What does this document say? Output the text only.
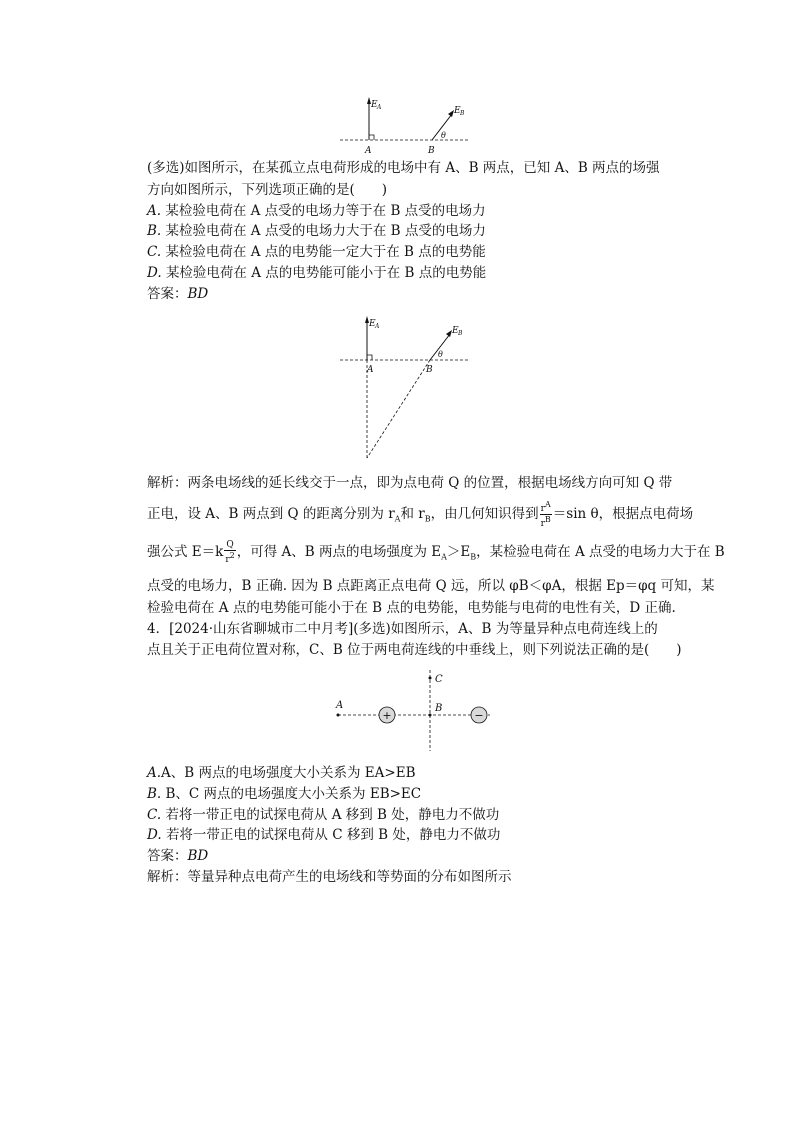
E A	E B
θ
A	B

(多选)如图所示，在某孤立点电荷形成的电场中有 A、B 两点，已知 A、B 两点的场强

方向如图所示，下列选项正确的是(　　)

A. 某检验电荷在 A 点受的电场力等于在 B 点受的电场力

B. 某检验电荷在 A 点受的电场力大于在 B 点受的电场力

C. 某检验电荷在 A 点的电势能一定大于在 B 点的电势能

D. 某检验电荷在 A 点的电势能可能小于在 B 点的电势能

答案：BD

E A	E B
θ
A	B

解析：两条电场线的延长线交于一点，即为点电荷 Q 的位置，根据电场线方向可知 Q 带

正电，设 A、B 两点到 Q 的距离分别为 $r_A$和 $r_B$，由几何知识得到 $\frac{r^A}{r^B} =\sin$ θ，根据点电荷场

强公式 $E=k \frac{Q}{r^2}$ ，可得 A、B 两点的电场强度为 $E_A>E_B$，某检验电荷在 A 点受的电场力大于在 B

点受的电场力，B 正确. 因为 B 点距离正点电荷 Q 远，所以 φB＜φA，根据 Ep＝φq 可知，某

检验电荷在 A 点的电势能可能小于在 B 点的电势能，电势能与电荷的电性有关，D 正确.

4．[2024·山东省聊城市二中月考](多选)如图所示，A、B 为等量异种点电荷连线上的

点且关于正电荷位置对称，C、B 位于两电荷连线的中垂线上，则下列说法正确的是(　　)

+	−
A	B
C

A.A、B 两点的电场强度大小关系为 EA>EB

B. B、C 两点的电场强度大小关系为 EB>EC

C. 若将一带正电的试探电荷从 A 移到 B 处，静电力不做功

D. 若将一带正电的试探电荷从 C 移到 B 处，静电力不做功

答案：BD

解析：等量异种点电荷产生的电场线和等势面的分布如图所示
